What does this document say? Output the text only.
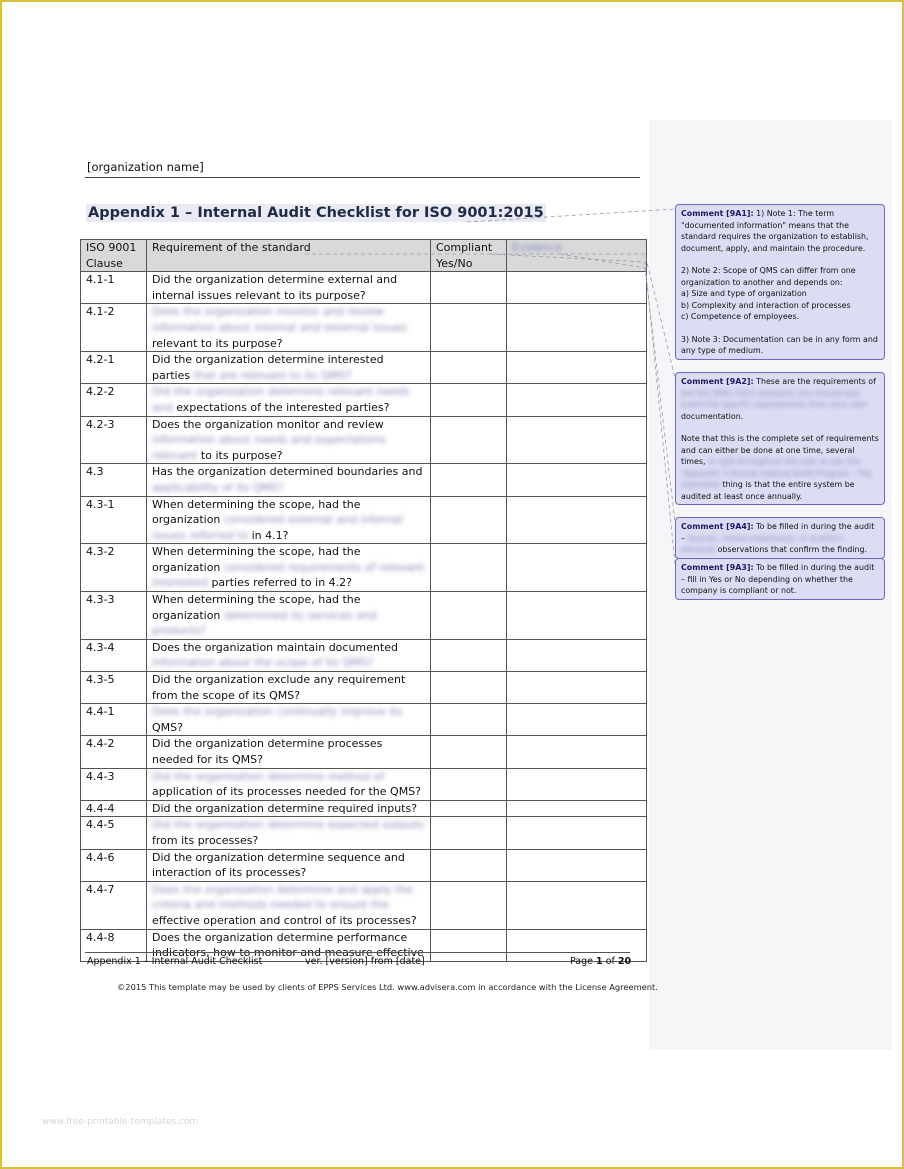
[organization name]
Appendix 1 – Internal Audit Checklist for ISO 9001:2015
ISO 9001 Clause	Requirement of the standard	Compliant Yes/No	Evidence
4.1-1	Did the organization determine external and internal issues relevant to its purpose?		
4.1-2	Does the organization monitor and review information about internal and external issues relevant to its purpose?		
4.2-1	Did the organization determine interested parties that are relevant to its QMS?		
4.2-2	Did the organization determine relevant needs and expectations of the interested parties?		
4.2-3	Does the organization monitor and review information about needs and expectations relevant to its purpose?		
4.3	Has the organization determined boundaries and applicability of its QMS?		
4.3-1	When determining the scope, had the organization considered external and internal issues referred to in 4.1?		
4.3-2	When determining the scope, had the organization considered requirements of relevant interested parties referred to in 4.2?		
4.3-3	When determining the scope, had the organization determined its services and products?		
4.3-4	Does the organization maintain documented information about the scope of its QMS?		
4.3-5	Did the organization exclude any requirement from the scope of its QMS?		
4.4-1	Does the organization continually improve its QMS?		
4.4-2	Did the organization determine processes needed for its QMS?		
4.4-3	Did the organization determine method of application of its processes needed for the QMS?		
4.4-4	Did the organization determine required inputs?		
4.4-5	Did the organization determine expected outputs from its processes?		
4.4-6	Did the organization determine sequence and interaction of its processes?		
4.4-7	Does the organization determine and apply the criteria and methods needed to ensure the effective operation and control of its processes?		
4.4-8	Does the organization determine performance indicators, how to monitor and measure effective		
Appendix 1 – Internal Audit Checklist	ver. [version] from [date]	Page 1 of 20
©2015 This template may be used by clients of EPPS Services Ltd. www.advisera.com in accordance with the License Agreement.
www.free-printable-templates.com

Comment [9A1]: 1) Note 1: The term "documented information" means that the standard requires the organization to establish, document, apply, and maintain the procedure.

2) Note 2: Scope of QMS can differ from one organization to another and depends on:
a) Size and type of organization
b) Complexity and interaction of processes
c) Competence of employees.

3) Note 3: Documentation can be in any form and any type of medium.

Comment [9A2]: These are the requirements of the ISO 9001:2015 standard; you should also insert the specific requirements from your own documentation.

Note that this is the complete set of requirements and can either be done at one time, several times, or split throughout the year as per the 'Appendix 3 Annual Internal Audit Program.' The important thing is that the entire system be audited at least once annually.

Comment [9A4]: To be filled in during the audit – records, verbal statements, or auditor's personal observations that confirm the finding.

Comment [9A3]: To be filled in during the audit – fill in Yes or No depending on whether the company is compliant or not.
